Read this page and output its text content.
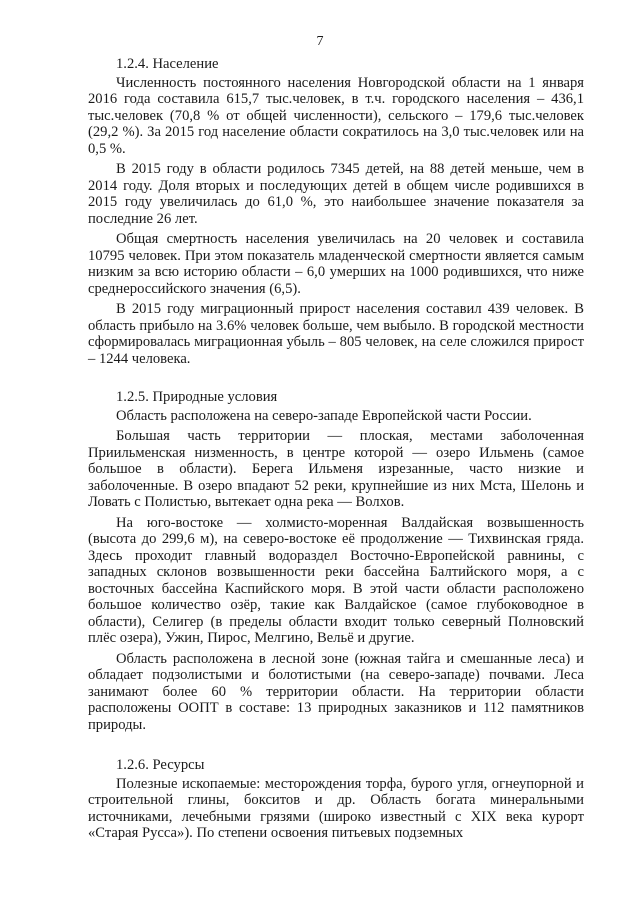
7
1.2.4. Население

Численность постоянного населения Новгородской области на 1 января 2016 года составила 615,7 тыс.человек, в т.ч. городского населения – 436,1 тыс.человек (70,8 % от общей численности), сельского – 179,6 тыс.человек (29,2 %). За 2015 год население области сократилось на 3,0 тыс.человек или на 0,5 %.

В 2015 году в области родилось 7345 детей, на 88 детей меньше, чем в 2014 году. Доля вторых и последующих детей в общем числе родившихся в 2015 году увеличилась до 61,0 %, это наибольшее значение показателя за последние 26 лет.

Общая смертность населения увеличилась на 20 человек и составила 10795 человек. При этом показатель младенческой смертности является самым низким за всю историю области – 6,0 умерших на 1000 родившихся, что ниже среднероссийского значения (6,5).

В 2015 году миграционный прирост населения составил 439 человек. В область прибыло на 3.6% человек больше, чем выбыло. В городской местности сформировалась миграционная убыль – 805 человек, на селе сложился прирост – 1244 человека.

1.2.5. Природные условия

Область расположена на северо-западе Европейской части России.

Большая часть территории — плоская, местами заболоченная Приильменская низменность, в центре которой — озеро Ильмень (самое большое в области). Берега Ильменя изрезанные, часто низкие и заболоченные. В озеро впадают 52 реки, крупнейшие из них Мста, Шелонь и Ловать с Полистью, вытекает одна река — Волхов.

На юго-востоке — холмисто-моренная Валдайская возвышенность (высота до 299,6 м), на северо-востоке её продолжение — Тихвинская гряда. Здесь проходит главный водораздел Восточно-Европейской равнины, с западных склонов возвышенности реки бассейна Балтийского моря, а с восточных бассейна Каспийского моря. В этой части области расположено большое количество озёр, такие как Валдайское (самое глубоководное в области), Селигер (в пределы области входит только северный Полновский плёс озера), Ужин, Пирос, Мелгино, Вельё и другие.

Область расположена в лесной зоне (южная тайга и смешанные леса) и обладает подзолистыми и болотистыми (на северо-западе) почвами. Леса занимают более 60 % территории области. На территории области расположены ООПТ в составе: 13 природных заказников и 112 памятников природы.

1.2.6. Ресурсы

Полезные ископаемые: месторождения торфа, бурого угля, огнеупорной и строительной глины, бокситов и др. Область богата минеральными источниками, лечебными грязями (широко известный с XIX века курорт «Старая Русса»). По степени освоения питьевых подземных
